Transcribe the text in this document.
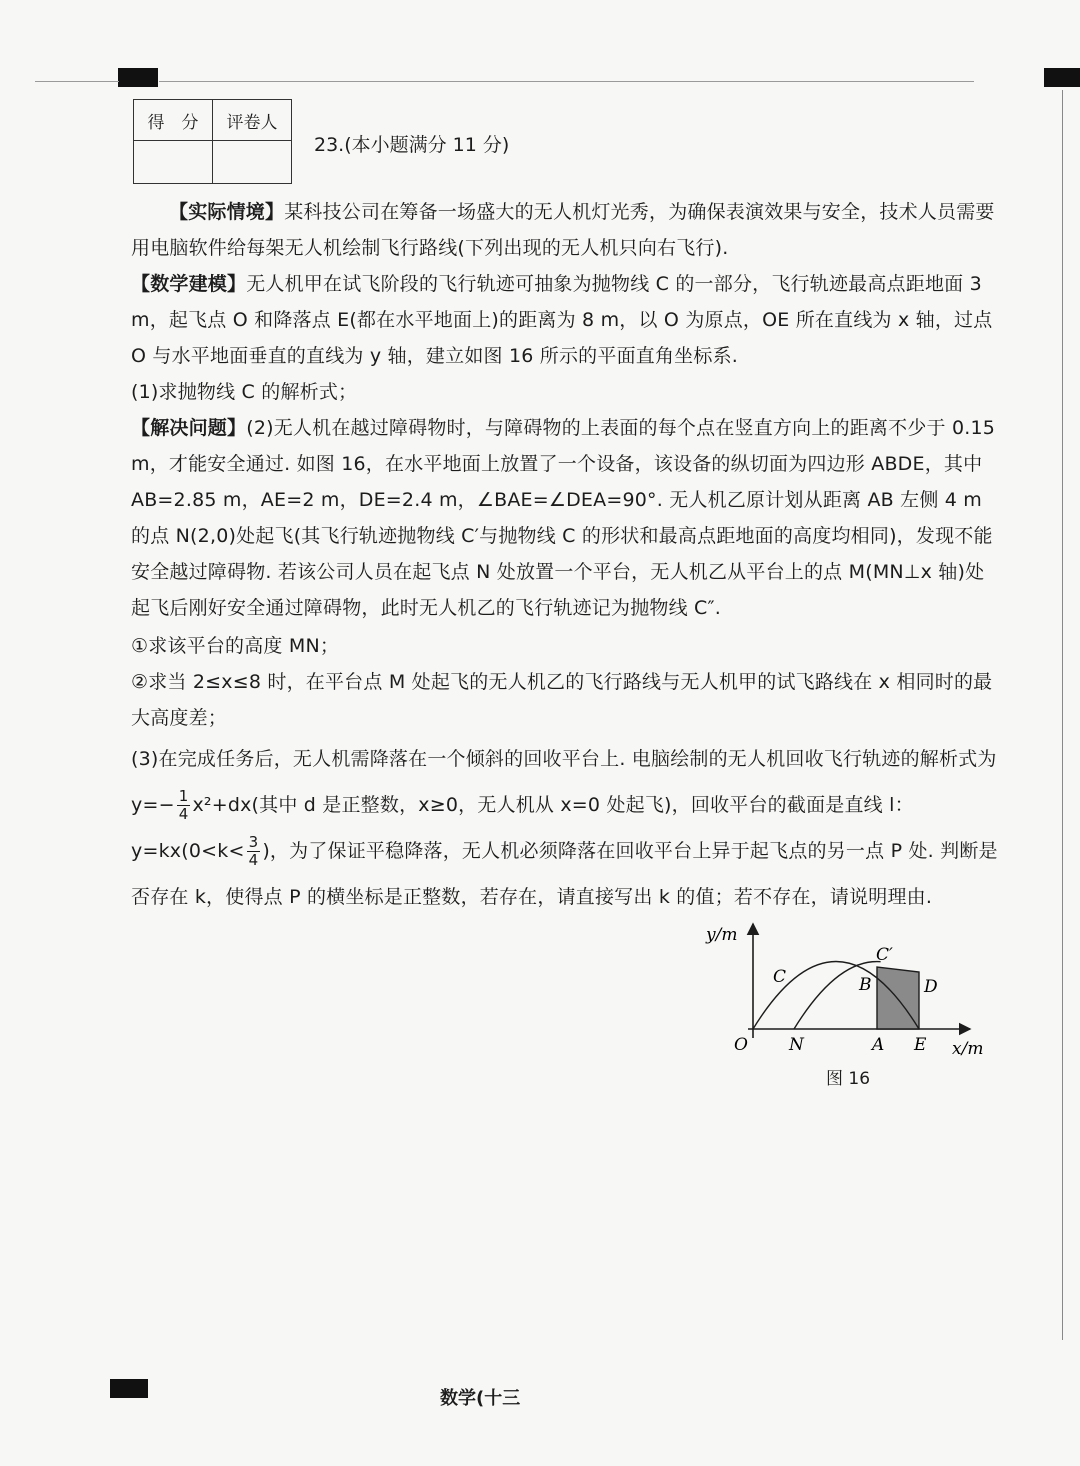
得　分	评卷人

23.(本小题满分 11 分)
【实际情境】某科技公司在筹备一场盛大的无人机灯光秀，为确保表演效果与安全，技术人员需要用电脑软件给每架无人机绘制飞行路线(下列出现的无人机只向右飞行).
【数学建模】无人机甲在试飞阶段的飞行轨迹可抽象为抛物线 C 的一部分，飞行轨迹最高点距地面 3 m，起飞点 O 和降落点 E(都在水平地面上)的距离为 8 m，以 O 为原点，OE 所在直线为 x 轴，过点 O 与水平地面垂直的直线为 y 轴，建立如图 16 所示的平面直角坐标系.
(1)求抛物线 C 的解析式；
【解决问题】(2)无人机在越过障碍物时，与障碍物的上表面的每个点在竖直方向上的距离不少于 0.15 m，才能安全通过. 如图 16，在水平地面上放置了一个设备，该设备的纵切面为四边形 ABDE，其中 AB=2.85 m，AE=2 m，DE=2.4 m，∠BAE=∠DEA=90°. 无人机乙原计划从距离 AB 左侧 4 m 的点 N(2,0)处起飞(其飞行轨迹抛物线 C′与抛物线 C 的形状和最高点距地面的高度均相同)，发现不能安全越过障碍物. 若该公司人员在起飞点 N 处放置一个平台，无人机乙从平台上的点 M(MN⊥x 轴)处起飞后刚好安全通过障碍物，此时无人机乙的飞行轨迹记为抛物线 C″.
①求该平台的高度 MN；
②求当 2≤x≤8 时，在平台点 M 处起飞的无人机乙的飞行路线与无人机甲的试飞路线在 x 相同时的最大高度差；
(3)在完成任务后，无人机需降落在一个倾斜的回收平台上. 电脑绘制的无人机回收飞行轨迹的解析式为 $y=- \frac{1}{4} x^2+dx$(其中 d 是正整数，x≥0，无人机从 x=0 处起飞)，回收平台的截面是直线 l：$y=kx(0<k< \frac{3}{4}$ )，为了保证平稳降落，无人机必须降落在回收平台上异于起飞点的另一点 P 处. 判断是否存在 k，使得点 P 的横坐标是正整数，若存在，请直接写出 k 的值；若不存在，请说明理由.
y/m
x/m
O N	A E
B	D
C
C′
图 16
数学(十三
